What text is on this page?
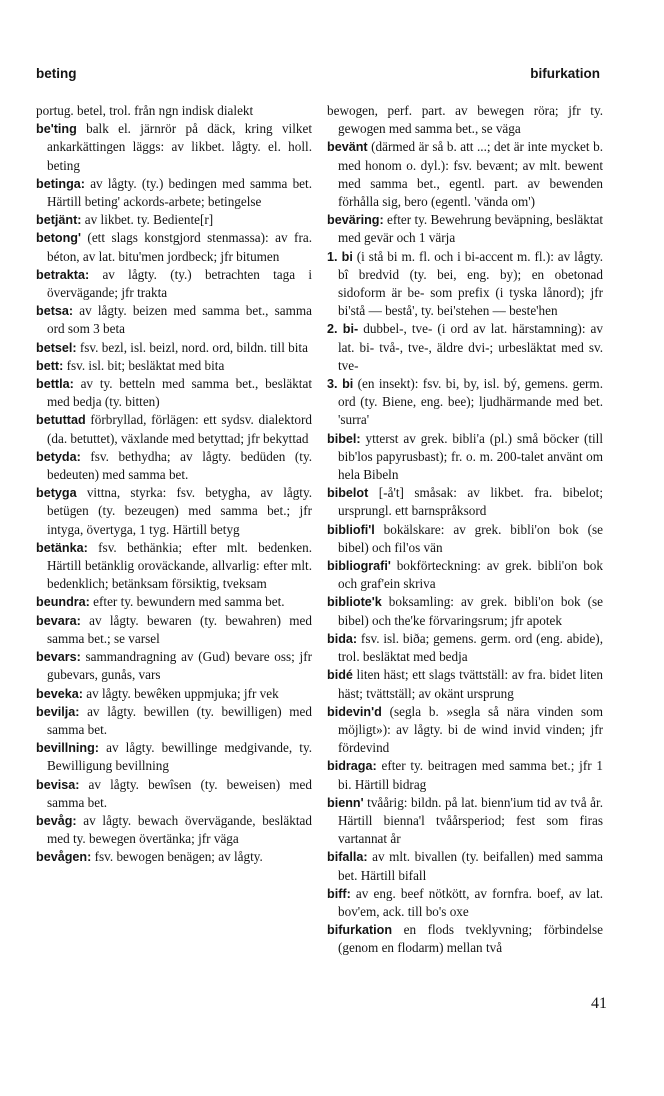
beting	bifurkation

portug. betel, trol. från ngn indisk dialekt

be'ting balk el. järnrör på däck, kring vilket ankarkättingen läggs: av likbet. lågty. el. holl. beting

betinga: av lågty. (ty.) bedingen med samma bet. Härtill beting' ackords-arbete; betingelse

betjänt: av likbet. ty. Bediente[r]

betong' (ett slags konstgjord stenmassa): av fra. béton, av lat. bitu'men jordbeck; jfr bitumen

betrakta: av lågty. (ty.) betrachten taga i övervägande; jfr trakta

betsa: av lågty. beizen med samma bet., samma ord som 3 beta

betsel: fsv. bezl, isl. beizl, nord. ord, bildn. till bita

bett: fsv. isl. bit; besläktat med bita

bettla: av ty. betteln med samma bet., besläktat med bedja (ty. bitten)

betuttad förbryllad, förlägen: ett sydsv. dialektord (da. betuttet), växlande med betyttad; jfr bekyttad

betyda: fsv. bethydha; av lågty. bedüden (ty. bedeuten) med samma bet.

betyga vittna, styrka: fsv. betygha, av lågty. betügen (ty. bezeugen) med samma bet.; jfr intyga, övertyga, 1 tyg. Härtill betyg

betänka: fsv. bethänkia; efter mlt. bedenken. Härtill betänklig oroväckande, allvarlig: efter mlt. bedenklich; betänksam försiktig, tveksam

beundra: efter ty. bewundern med samma bet.

bevara: av lågty. bewaren (ty. bewahren) med samma bet.; se varsel

bevars: sammandragning av (Gud) bevare oss; jfr gubevars, gunås, vars

beveka: av lågty. bewêken uppmjuka; jfr vek

bevilja: av lågty. bewillen (ty. bewilligen) med samma bet.

bevillning: av lågty. bewillinge medgivande, ty. Bewilligung bevillning

bevisa: av lågty. bewîsen (ty. beweisen) med samma bet.

bevåg: av lågty. bewach övervägande, besläktad med ty. bewegen övertänka; jfr väga

bevågen: fsv. bewogen benägen; av lågty.

bewogen, perf. part. av bewegen röra; jfr ty. gewogen med samma bet., se väga

bevänt (därmed är så b. att ...; det är inte mycket b. med honom o. dyl.): fsv. bevænt; av mlt. bewent med samma bet., egentl. part. av bewenden förhålla sig, bero (egentl. 'vända om')

beväring: efter ty. Bewehrung beväpning, besläktat med gevär och 1 värja

1. bi (i stå bi m. fl. och i bi-accent m. fl.): av lågty. bî bredvid (ty. bei, eng. by); en obetonad sidoform är be- som prefix (i tyska lånord); jfr bi'stå — bestå', ty. bei'stehen — beste'hen

2. bi- dubbel-, tve- (i ord av lat. härstamning): av lat. bi- två-, tve-, äldre dvi-; urbesläktat med sv. tve-

3. bi (en insekt): fsv. bi, by, isl. bý, gemens. germ. ord (ty. Biene, eng. bee); ljudhärmande med bet. 'surra'

bibel: ytterst av grek. bibli'a (pl.) små böcker (till bib'los papyrusbast); fr. o. m. 200-talet använt om hela Bibeln

bibelot [-å't] småsak: av likbet. fra. bibelot; ursprungl. ett barnspråksord

bibliofi'l bokälskare: av grek. bibli'on bok (se bibel) och fil'os vän

bibliografi' bokförteckning: av grek. bibli'on bok och graf'ein skriva

bibliote'k boksamling: av grek. bibli'on bok (se bibel) och the'ke förvaringsrum; jfr apotek

bida: fsv. isl. biða; gemens. germ. ord (eng. abide), trol. besläktat med bedja

bidé liten häst; ett slags tvättställ: av fra. bidet liten häst; tvättställ; av okänt ursprung

bidevin'd (segla b. »segla så nära vinden som möjligt»): av lågty. bi de wind invid vinden; jfr fördevind

bidraga: efter ty. beitragen med samma bet.; jfr 1 bi. Härtill bidrag

bienn' tvåårig: bildn. på lat. bienn'ium tid av två år. Härtill bienna'l tvåårsperiod; fest som firas vartannat år

bifalla: av mlt. bivallen (ty. beifallen) med samma bet. Härtill bifall

biff: av eng. beef nötkött, av fornfra. boef, av lat. bov'em, ack. till bo's oxe

bifurkation en flods tveklyvning; förbindelse (genom en flodarm) mellan två

41
